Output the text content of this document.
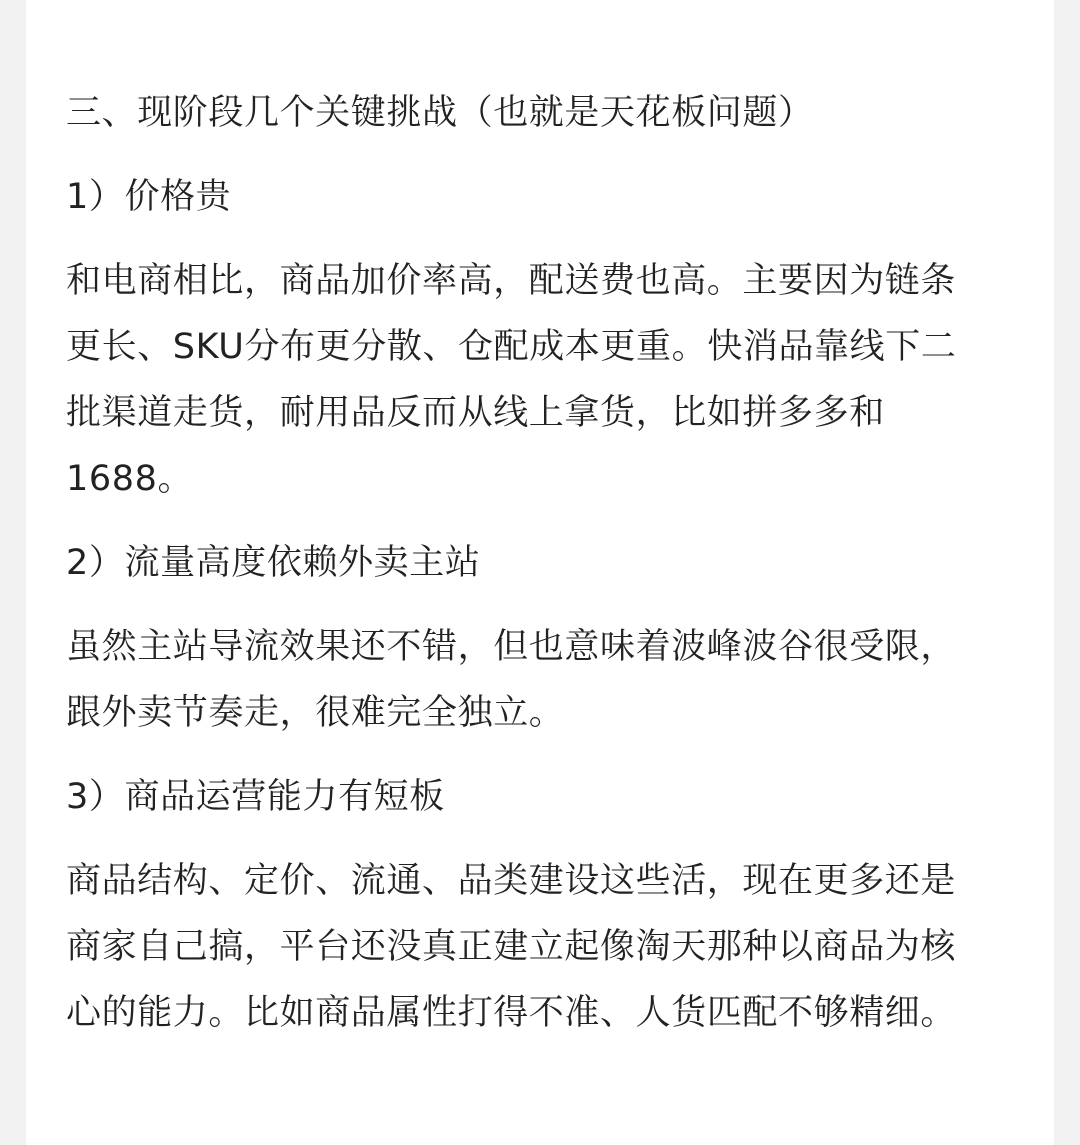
三、现阶段几个关键挑战（也就是天花板问题）

1）价格贵

和电商相比，商品加价率高，配送费也高。主要因为链条

更长、SKU分布更分散、仓配成本更重。快消品靠线下二

批渠道走货，耐用品反而从线上拿货，比如拼多多和

1688。

2）流量高度依赖外卖主站

虽然主站导流效果还不错，但也意味着波峰波谷很受限，

跟外卖节奏走，很难完全独立。

3）商品运营能力有短板

商品结构、定价、流通、品类建设这些活，现在更多还是

商家自己搞，平台还没真正建立起像淘天那种以商品为核

心的能力。比如商品属性打得不准、人货匹配不够精细。
